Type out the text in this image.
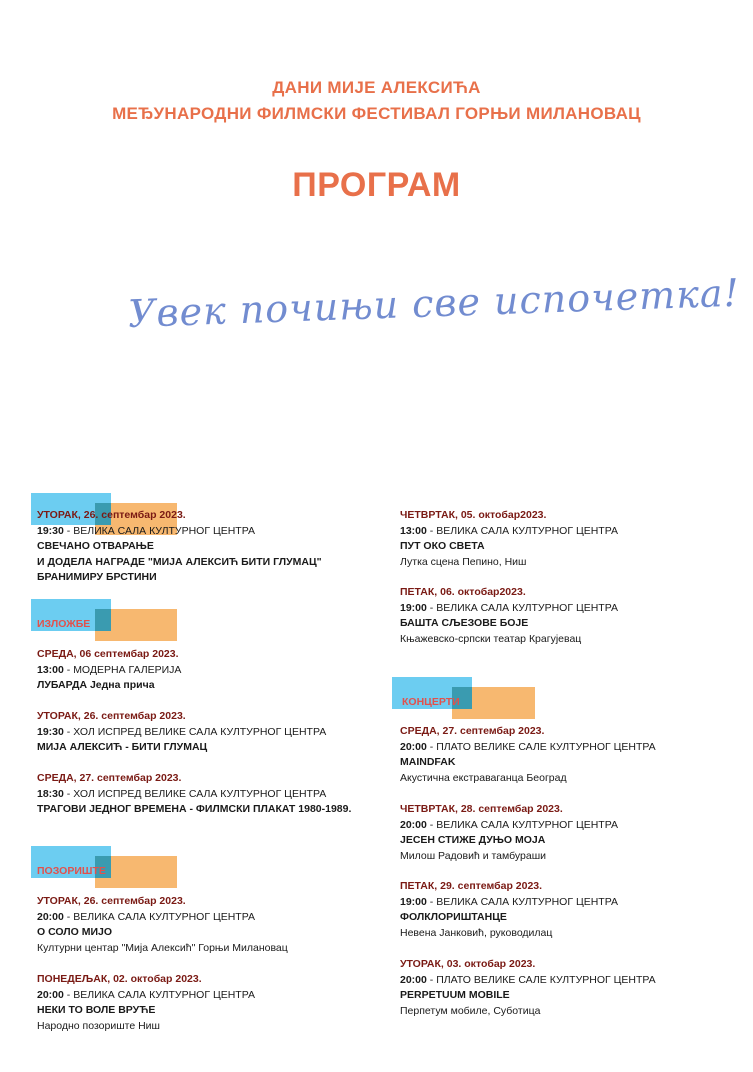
ДАНИ МИЈЕ АЛЕКСИЋА
МЕЂУНАРОДНИ ФИЛМСКИ ФЕСТИВАЛ ГОРЊИ МИЛАНОВАЦ
ПРОГРАМ
Увек почињи све испочетка!
УТОРАК, 26. септембар 2023.
19:30 - ВЕЛИКА САЛА КУЛТУРНОГ ЦЕНТРА
СВЕЧАНО ОТВАРАЊЕ
И ДОДЕЛА НАГРАДЕ "МИЈА АЛЕКСИЋ БИТИ ГЛУМАЦ"
БРАНИМИРУ БРСТИНИ
ИЗЛОЖБЕ
СРЕДА, 06 септембар 2023.
13:00 - МОДЕРНА ГАЛЕРИЈА
ЛУБАРДА Једна прича
УТОРАК, 26. септембар 2023.
19:30 - ХОЛ ИСПРЕД ВЕЛИКЕ САЛА КУЛТУРНОГ ЦЕНТРА
МИЈА АЛЕКСИЋ - БИТИ ГЛУМАЦ
СРЕДА, 27. септембар 2023.
18:30 - ХОЛ ИСПРЕД ВЕЛИКЕ САЛА КУЛТУРНОГ ЦЕНТРА
ТРАГОВИ ЈЕДНОГ ВРЕМЕНА - ФИЛМСКИ ПЛАКАТ 1980-1989.
ПОЗОРИШТЕ
УТОРАК, 26. септембар 2023.
20:00 - ВЕЛИКА САЛА КУЛТУРНОГ ЦЕНТРА
О СОЛО МИЈО
Културни центар "Мија Алексић" Горњи Милановац
ПОНЕДЕЉАК, 02. октобар 2023.
20:00 - ВЕЛИКА САЛА КУЛТУРНОГ ЦЕНТРА
НЕКИ ТО ВОЛЕ ВРУЋЕ
Народно позориште Ниш
ЧЕТВРТАК, 05. октобар2023.
13:00 - ВЕЛИКА САЛА КУЛТУРНОГ ЦЕНТРА
ПУТ ОКО СВЕТА
Лутка сцена Пепино, Ниш
ПЕТАК, 06. октобар2023.
19:00 - ВЕЛИКА САЛА КУЛТУРНОГ ЦЕНТРА
БАШТА СЉЕЗОВЕ БОЈЕ
Књажевско-српски театар Крагујевац
КОНЦЕРТИ
СРЕДА, 27. септембар 2023.
20:00 - ПЛАТО ВЕЛИКЕ САЛЕ КУЛТУРНОГ ЦЕНТРА
MAINDFAK
Акустична екстраваганца Београд
ЧЕТВРТАК, 28. септембар 2023.
20:00 - ВЕЛИКА САЛА КУЛТУРНОГ ЦЕНТРА
ЈЕСЕН СТИЖЕ ДУЊО МОЈА
Милош Радовић и тамбураши
ПЕТАК, 29. септембар 2023.
19:00 - ВЕЛИКА САЛА КУЛТУРНОГ ЦЕНТРА
ФОЛКЛОРИШТАНЦЕ
Невена Јанковић, руководилац
УТОРАК, 03. октобар 2023.
20:00 - ПЛАТО ВЕЛИКЕ САЛЕ КУЛТУРНОГ ЦЕНТРА
PERPETUUM MOBILE
Перпетум мобиле, Суботица
